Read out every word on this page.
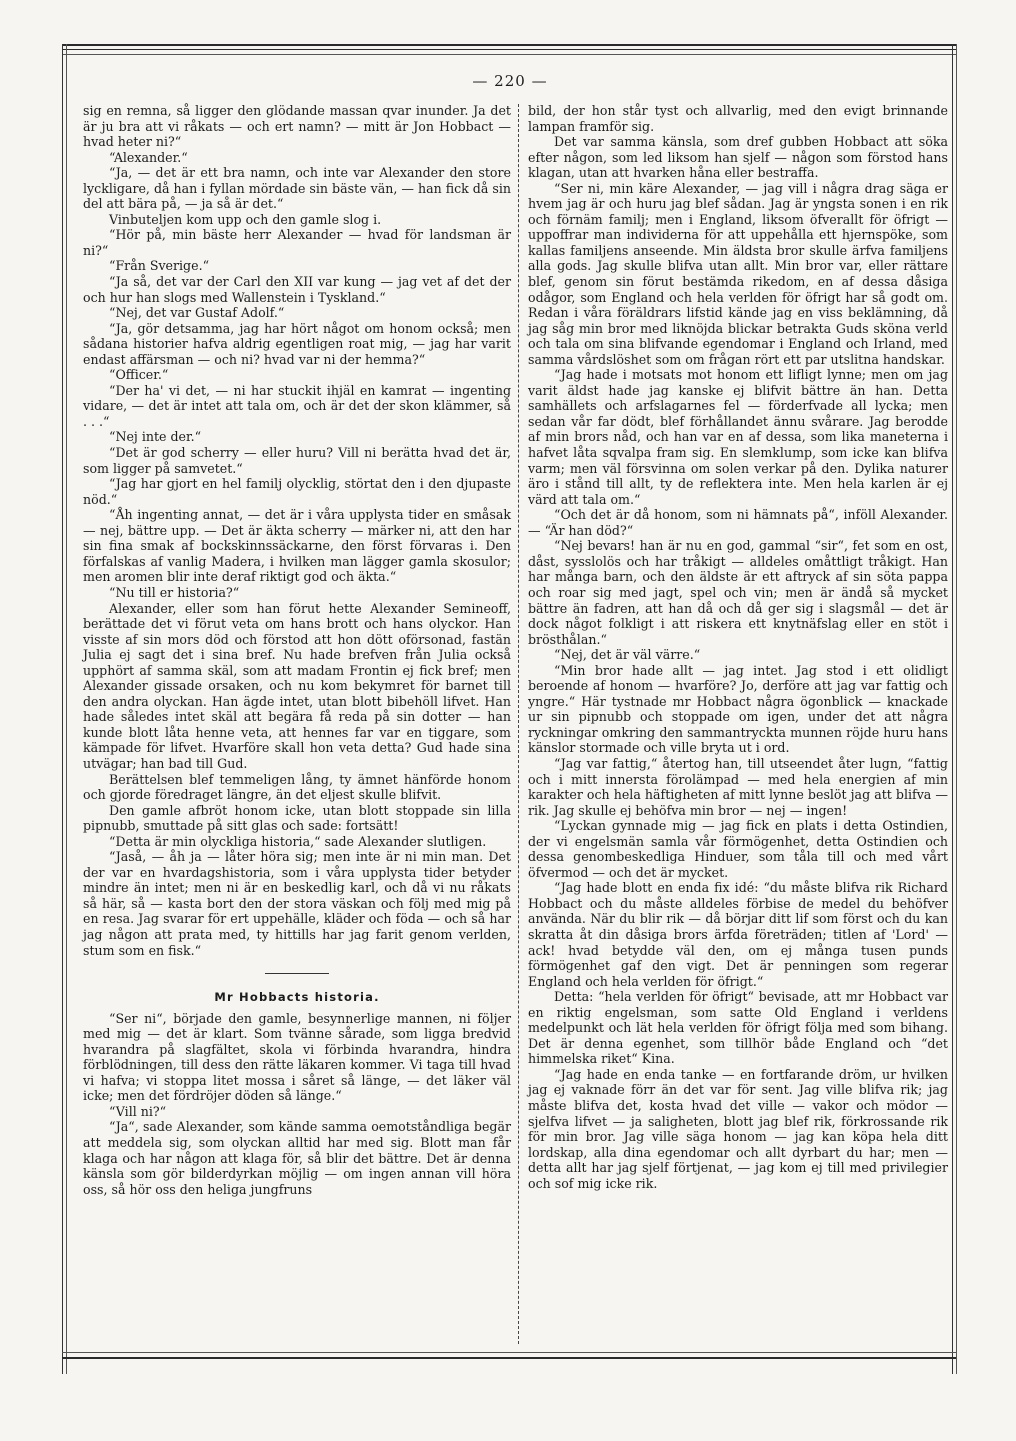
— 220 —

sig en remna, så ligger den glödande massan qvar inunder. Ja det är ju bra att vi råkats — och ert namn? — mitt är Jon Hobbact — hvad heter ni?“

“Alexander.“

“Ja, — det är ett bra namn, och inte var Alexander den store lyckligare, då han i fyllan mördade sin bäste vän, — han fick då sin del att bära på, — ja så är det.“

Vinbuteljen kom upp och den gamle slog i.

“Hör på, min bäste herr Alexander — hvad för landsman är ni?“

“Från Sverige.“

“Ja så, det var der Carl den XII var kung — jag vet af det der och hur han slogs med Wallenstein i Tyskland.“

“Nej, det var Gustaf Adolf.“

“Ja, gör detsamma, jag har hört något om honom också; men sådana historier hafva aldrig egentligen roat mig, — jag har varit endast affärsman — och ni? hvad var ni der hemma?“

“Officer.“

“Der ha' vi det, — ni har stuckit ihjäl en kamrat — ingenting vidare, — det är intet att tala om, och är det der skon klämmer, så . . .“

“Nej inte der.“

“Det är god scherry — eller huru? Vill ni berätta hvad det är, som ligger på samvetet.“

“Jag har gjort en hel familj olycklig, störtat den i den djupaste nöd.“

“Åh ingenting annat, — det är i våra upplysta tider en småsak — nej, bättre upp. — Det är äkta scherry — märker ni, att den har sin fina smak af bockskinnssäckarne, den först förvaras i. Den förfalskas af vanlig Madera, i hvilken man lägger gamla skosulor; men aromen blir inte deraf riktigt god och äkta.“

“Nu till er historia?“

Alexander, eller som han förut hette Alexander Semineoff, berättade det vi förut veta om hans brott och hans olyckor. Han visste af sin mors död och förstod att hon dött oförsonad, fastän Julia ej sagt det i sina bref. Nu hade brefven från Julia också upphört af samma skäl, som att madam Frontin ej fick bref; men Alexander gissade orsaken, och nu kom bekymret för barnet till den andra olyckan. Han ägde intet, utan blott bibehöll lifvet. Han hade således intet skäl att begära få reda på sin dotter — han kunde blott låta henne veta, att hennes far var en tiggare, som kämpade för lifvet. Hvarföre skall hon veta detta? Gud hade sina utvägar; han bad till Gud.

Berättelsen blef temmeligen lång, ty ämnet hänförde honom och gjorde föredraget längre, än det eljest skulle blifvit.

Den gamle afbröt honom icke, utan blott stoppade sin lilla pipnubb, smuttade på sitt glas och sade: fortsätt!

“Detta är min olyckliga historia,“ sade Alexander slutligen.

“Jaså, — åh ja — låter höra sig; men inte är ni min man. Det der var en hvardagshistoria, som i våra upplysta tider betyder mindre än intet; men ni är en beskedlig karl, och då vi nu råkats så här, så — kasta bort den der stora väskan och följ med mig på en resa. Jag svarar för ert uppehälle, kläder och föda — och så har jag någon att prata med, ty hittills har jag farit genom verlden, stum som en fisk.“

Mr Hobbacts historia.

“Ser ni“, började den gamle, besynnerlige mannen, ni följer med mig — det är klart. Som tvänne sårade, som ligga bredvid hvarandra på slagfältet, skola vi förbinda hvarandra, hindra förblödningen, till dess den rätte läkaren kommer. Vi taga till hvad vi hafva; vi stoppa litet mossa i såret så länge, — det läker väl icke; men det fördröjer döden så länge.“

“Vill ni?“

“Ja“, sade Alexander, som kände samma oemotståndliga begär att meddela sig, som olyckan alltid har med sig. Blott man får klaga och har någon att klaga för, så blir det bättre. Det är denna känsla som gör bilderdyrkan möjlig — om ingen annan vill höra oss, så hör oss den heliga jungfruns

bild, der hon står tyst och allvarlig, med den evigt brinnande lampan framför sig.

Det var samma känsla, som dref gubben Hobbact att söka efter någon, som led liksom han sjelf — någon som förstod hans klagan, utan att hvarken håna eller bestraffa.

“Ser ni, min käre Alexander, — jag vill i några drag säga er hvem jag är och huru jag blef sådan. Jag är yngsta sonen i en rik och förnäm familj; men i England, liksom öfverallt för öfrigt — uppoffrar man individerna för att uppehålla ett hjernspöke, som kallas familjens anseende. Min äldsta bror skulle ärfva familjens alla gods. Jag skulle blifva utan allt. Min bror var, eller rättare blef, genom sin förut bestämda rikedom, en af dessa dåsiga odågor, som England och hela verlden för öfrigt har så godt om. Redan i våra föräldrars lifstid kände jag en viss beklämning, då jag såg min bror med liknöjda blickar betrakta Guds sköna verld och tala om sina blifvande egendomar i England och Irland, med samma vårdslöshet som om frågan rört ett par utslitna handskar.

“Jag hade i motsats mot honom ett lifligt lynne; men om jag varit äldst hade jag kanske ej blifvit bättre än han. Detta samhällets och arfslagarnes fel — förderfvade all lycka; men sedan vår far dödt, blef förhållandet ännu svårare. Jag berodde af min brors nåd, och han var en af dessa, som lika maneterna i hafvet låta sqvalpa fram sig. En slemklump, som icke kan blifva varm; men väl försvinna om solen verkar på den. Dylika naturer äro i stånd till allt, ty de reflektera inte. Men hela karlen är ej värd att tala om.“

“Och det är då honom, som ni hämnats på“, inföll Alexander. — “Är han död?“

“Nej bevars! han är nu en god, gammal “sir“, fet som en ost, dåst, sysslolös och har tråkigt — alldeles omåttligt tråkigt. Han har många barn, och den äldste är ett aftryck af sin söta pappa och roar sig med jagt, spel och vin; men är ändå så mycket bättre än fadren, att han då och då ger sig i slagsmål — det är dock något folkligt i att riskera ett knytnäfslag eller en stöt i brösthålan.“

“Nej, det är väl värre.“

“Min bror hade allt — jag intet. Jag stod i ett olidligt beroende af honom — hvarföre? Jo, derföre att jag var fattig och yngre.“ Här tystnade mr Hobbact några ögonblick — knackade ur sin pipnubb och stoppade om igen, under det att några ryckningar omkring den sammantryckta munnen röjde huru hans känslor stormade och ville bryta ut i ord.

“Jag var fattig,“ återtog han, till utseendet åter lugn, “fattig och i mitt innersta förolämpad — med hela energien af min karakter och hela häftigheten af mitt lynne beslöt jag att blifva — rik. Jag skulle ej behöfva min bror — nej — ingen!

“Lyckan gynnade mig — jag fick en plats i detta Ostindien, der vi engelsmän samla vår förmögenhet, detta Ostindien och dessa genombeskedliga Hinduer, som tåla till och med vårt öfvermod — och det är mycket.

“Jag hade blott en enda fix idé: “du måste blifva rik Richard Hobbact och du måste alldeles förbise de medel du behöfver använda. När du blir rik — då börjar ditt lif som först och du kan skratta åt din dåsiga brors ärfda företräden; titlen af 'Lord' — ack! hvad betydde väl den, om ej många tusen punds förmögenhet gaf den vigt. Det är penningen som regerar England och hela verlden för öfrigt.“

Detta: “hela verlden för öfrigt“ bevisade, att mr Hobbact var en riktig engelsman, som satte Old England i verldens medelpunkt och lät hela verlden för öfrigt följa med som bihang. Det är denna egenhet, som tillhör både England och “det himmelska riket“ Kina.

“Jag hade en enda tanke — en fortfarande dröm, ur hvilken jag ej vaknade förr än det var för sent. Jag ville blifva rik; jag måste blifva det, kosta hvad det ville — vakor och mödor — sjelfva lifvet — ja saligheten, blott jag blef rik, förkrossande rik för min bror. Jag ville säga honom — jag kan köpa hela ditt lordskap, alla dina egendomar och allt dyrbart du har; men — detta allt har jag sjelf förtjenat, — jag kom ej till med privilegier och sof mig icke rik.
